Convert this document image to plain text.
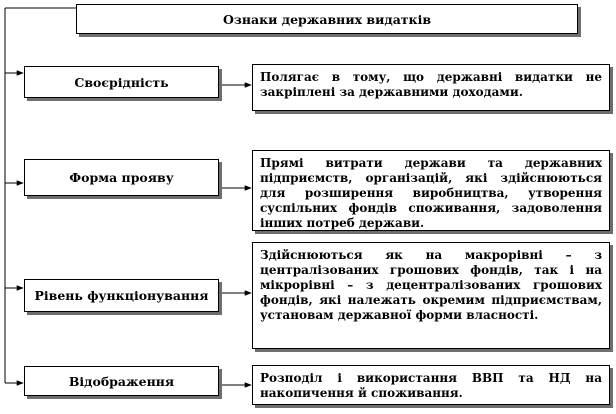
Ознаки державних видатків
Своєрідність	Полягає в тому, що державні видатки не закріплені за державними доходами.
Форма прояву
Прямі витрати держави та державних підприємств, організацій, які здійснюються для розширення виробництва, утворення суспільних фондів споживання, задоволення інших потреб держави.
Рівень функціонування
Здійснюються як на макрорівні – з централізованих грошових фондів, так і на мікрорівні – з децентралізованих грошових фондів, які належать окремим підприємствам, установам державної форми власності.
Відображення	Розподіл і використання ВВП та НД на накопичення й споживання.
